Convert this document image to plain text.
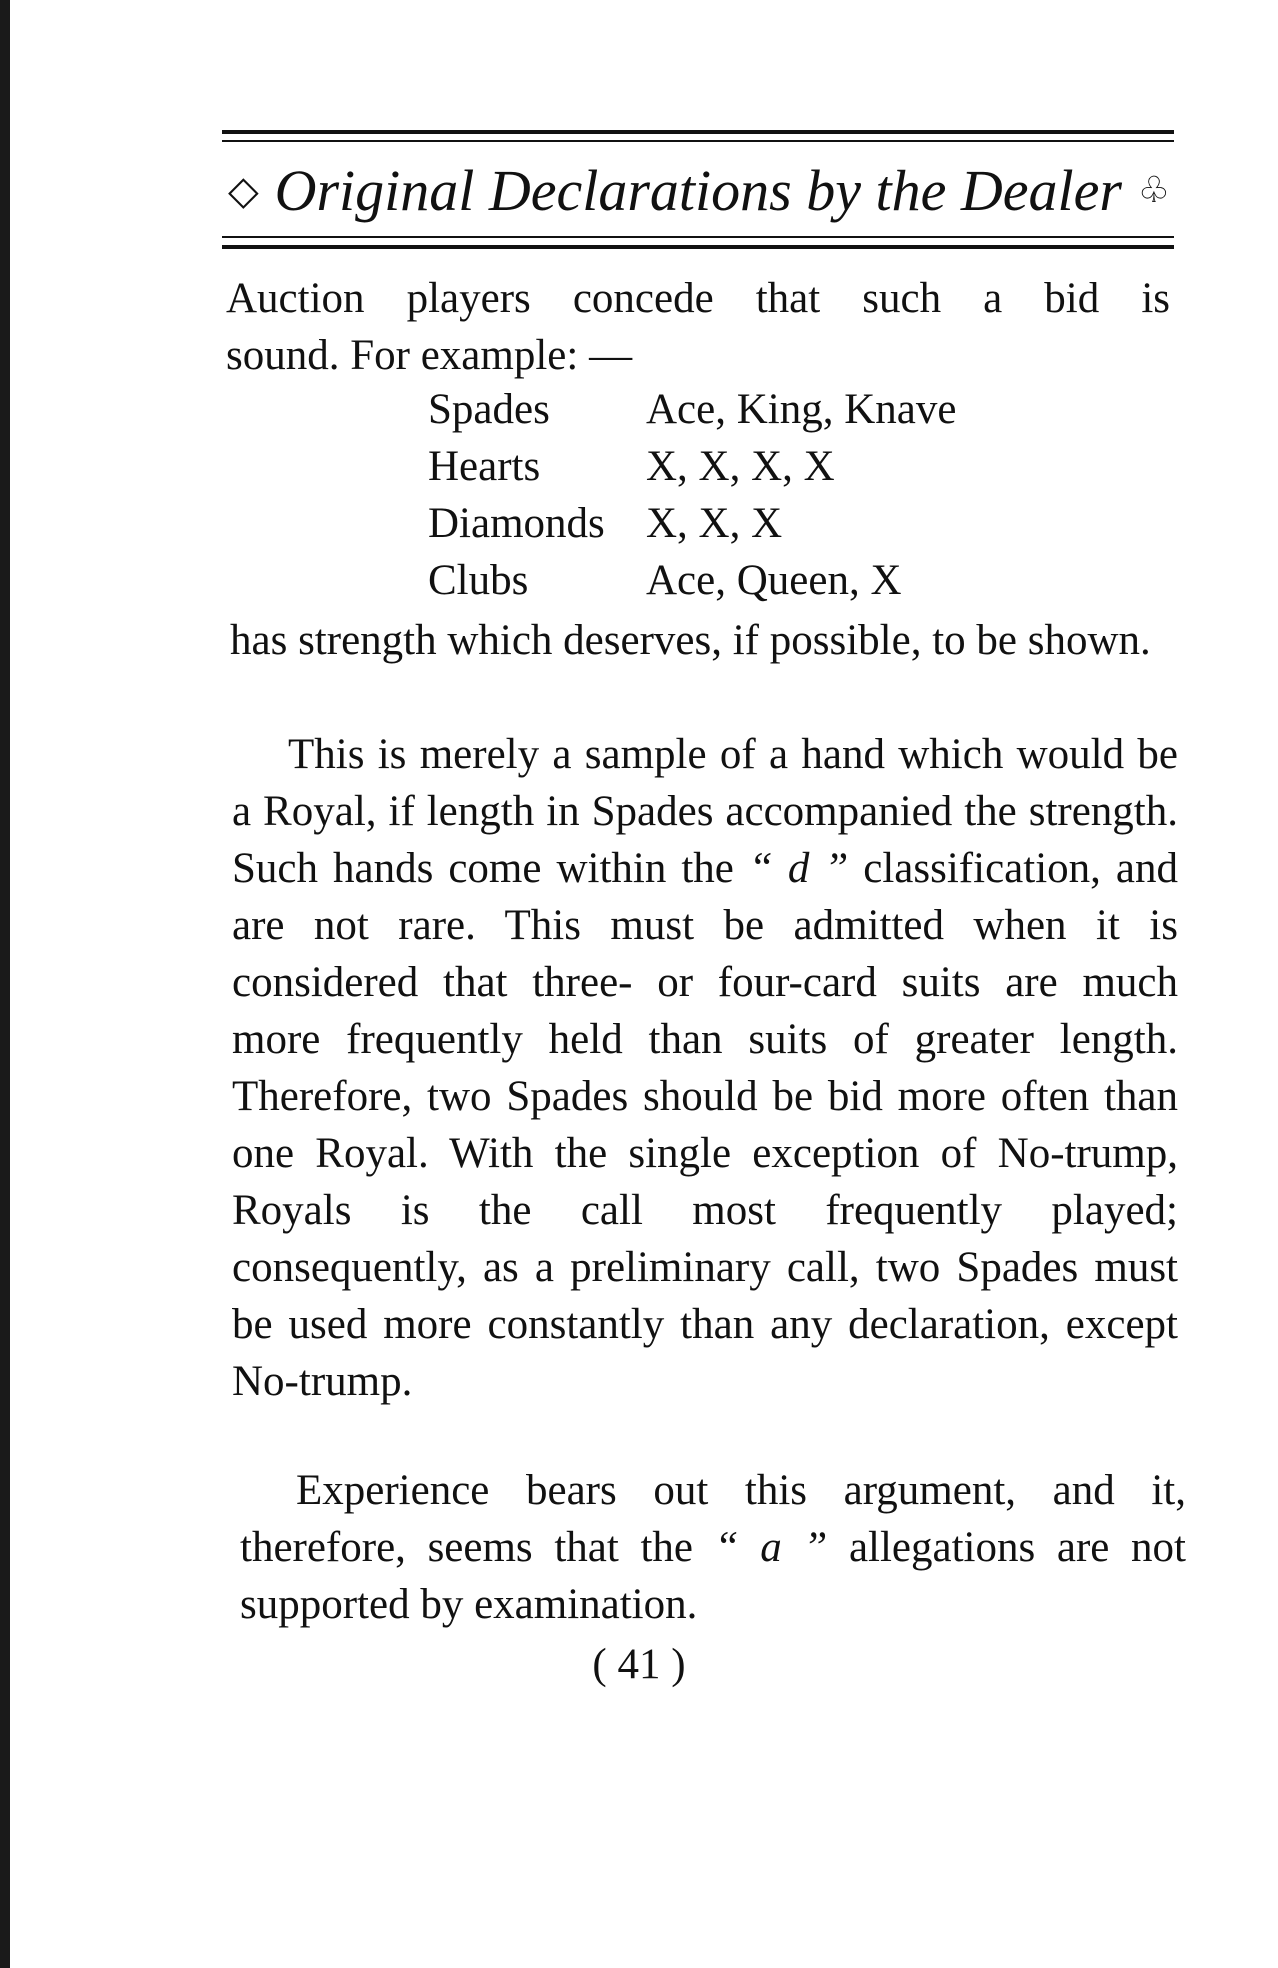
◇ Original Declarations by the Dealer ♧
Auction players concede that such a bid is
sound. For example: —
Spades	Ace, King, Knave
Hearts	X, X, X, X
Diamonds X, X, X
Clubs	Ace, Queen, X

has strength which deserves, if possible, to be shown.

This is merely a sample of a hand which would be a Royal, if length in Spades accompanied the strength. Such hands come within the “ d ” classification, and are not rare. This must be admitted when it is considered that three- or four-card suits are much more frequently held than suits of greater length. Therefore, two Spades should be bid more often than one Royal. With the single exception of No-trump, Royals is the call most frequently played; consequently, as a preliminary call, two Spades must be used more constantly than any declaration, except No-trump.

Experience bears out this argument, and it, therefore, seems that the “ a ” allegations are not supported by examination.

( 41 )
